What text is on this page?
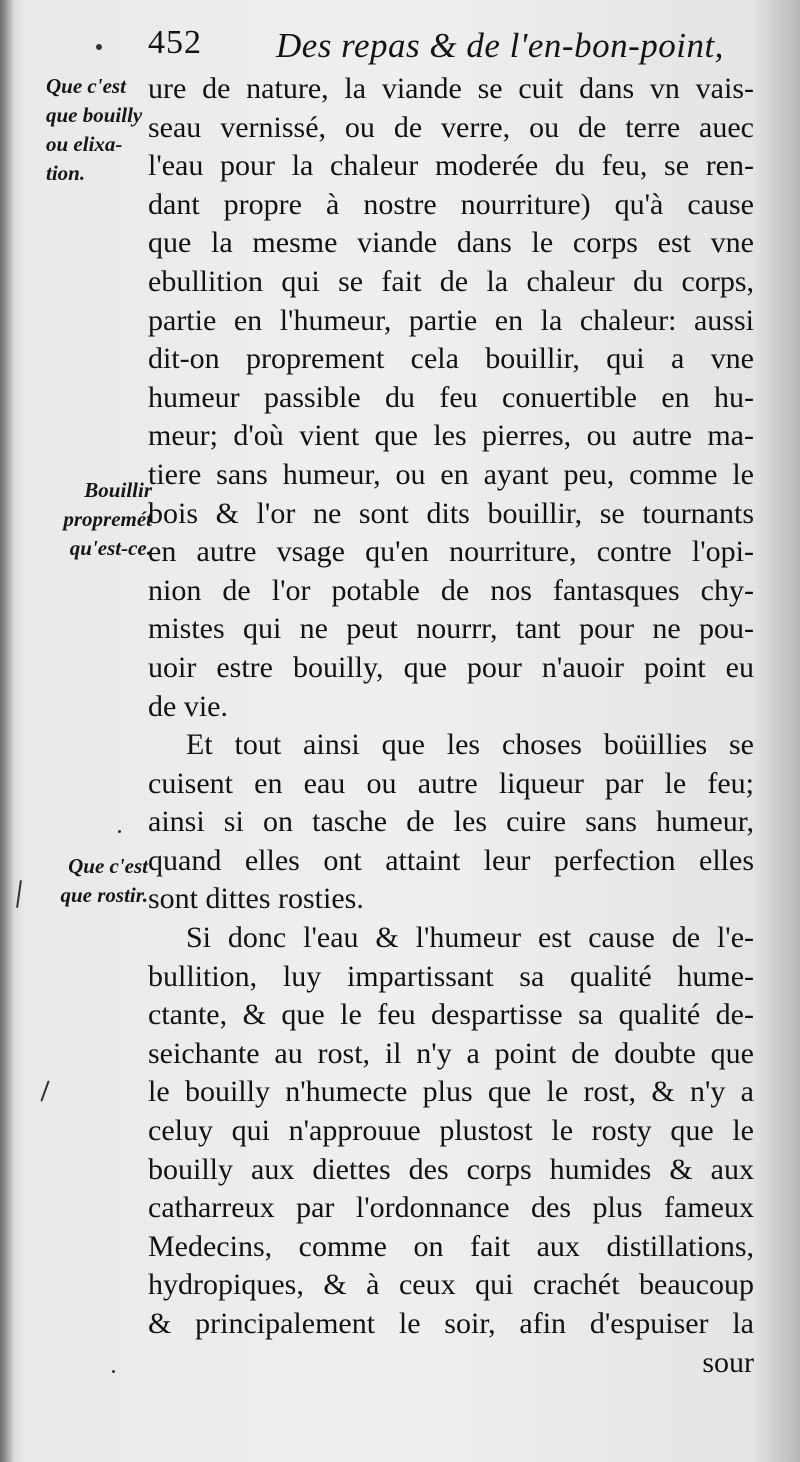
452 Des repas & de l'en-bon-point,
Que c'est
que bouilly
ou elixa-
tion.
Bouillir
propremét
qu'est-ce.
Que c'est
que rostir.
ure de nature, la viande se cuit dans vn vais-
seau vernissé, ou de verre, ou de terre auec
l'eau pour la chaleur moderée du feu, se ren-
dant propre à nostre nourriture) qu'à cause
que la mesme viande dans le corps est vne
ebullition qui se fait de la chaleur du corps,
partie en l'humeur, partie en la chaleur: aussi
dit-on proprement cela bouillir, qui a vne
humeur passible du feu conuertible en hu-
meur; d'où vient que les pierres, ou autre ma-
tiere sans humeur, ou en ayant peu, comme le
bois & l'or ne sont dits bouillir, se tournants
en autre vsage qu'en nourriture, contre l'opi-
nion de l'or potable de nos fantasques chy-
mistes qui ne peut nourrr, tant pour ne pou-
uoir estre bouilly, que pour n'auoir point eu
de vie.
Et tout ainsi que les choses boüillies se
cuisent en eau ou autre liqueur par le feu;
ainsi si on tasche de les cuire sans humeur,
quand elles ont attaint leur perfection elles
sont dittes rosties.
Si donc l'eau & l'humeur est cause de l'e-
bullition, luy impartissant sa qualité hume-
ctante, & que le feu despartisse sa qualité de-
seichante au rost, il n'y a point de doubte que
le bouilly n'humecte plus que le rost, & n'y a
celuy qui n'approuue plustost le rosty que le
bouilly aux diettes des corps humides & aux
catharreux par l'ordonnance des plus fameux
Medecins, comme on fait aux distillations,
hydropiques, & à ceux qui crachét beaucoup
& principalement le soir, afin d'espuiser la
sour
